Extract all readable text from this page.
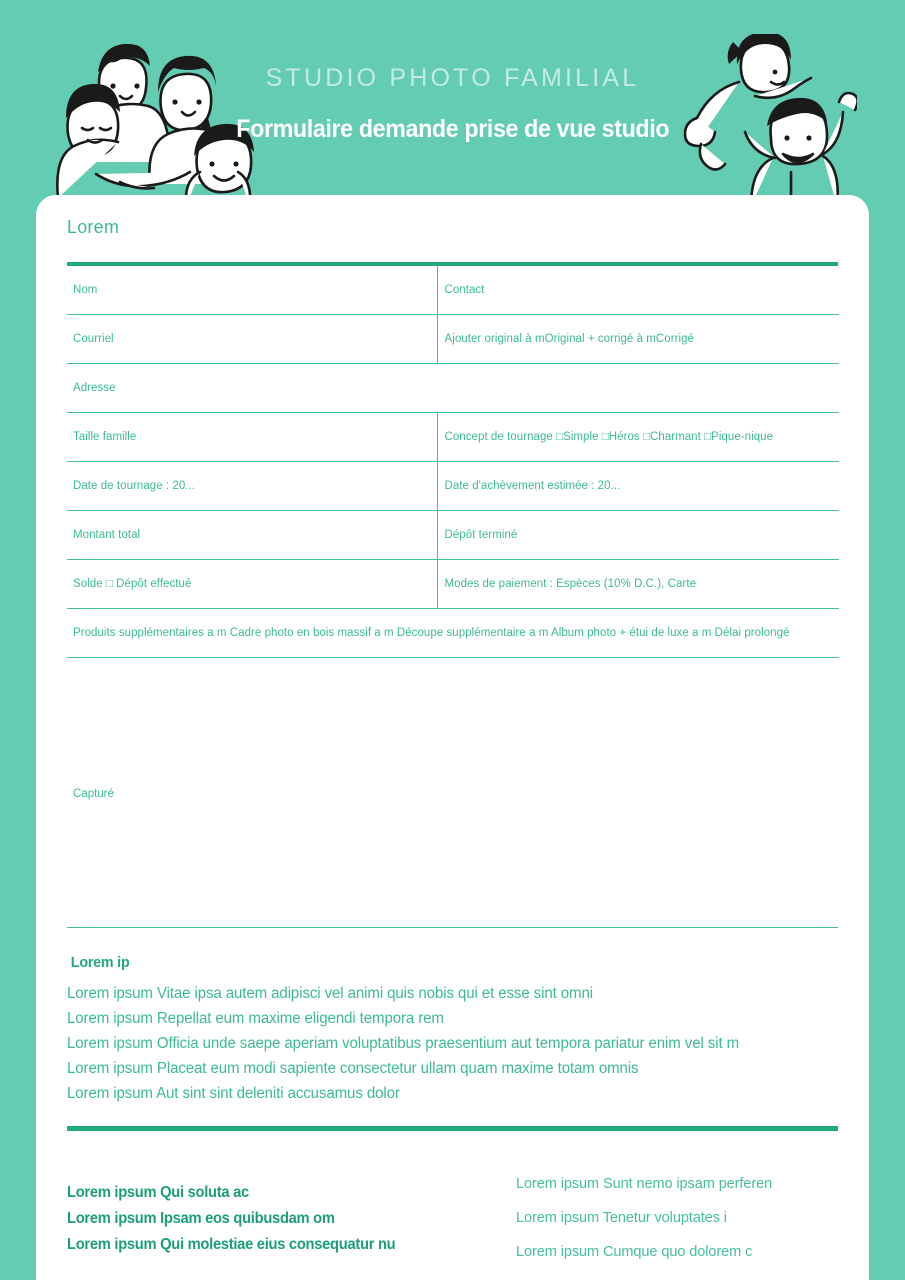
STUDIO PHOTO FAMILIAL
Formulaire demande prise de vue studio
Lorem
Nom	Contact
Courriel	Ajouter original à mOriginal + corrigé à mCorrigé
Adresse	
Taille famille	Concept de tournage □Simple □Héros □Charmant □Pique-nique
Date de tournage : 20...	Date d'achèvement estimée : 20...
Montant total	Dépôt terminé
Solde □ Dépôt effectué	Modes de paiement : Espèces (10% D.C.), Carte
Produits supplémentaires a m Cadre photo en bois massif a m Découpe supplémentaire a m Album photo + étui de luxe a m Délai prolongé	
Capturé
Lorem ip
Lorem ipsum Vitae ipsa autem adipisci vel animi quis nobis qui et esse sint omni
Lorem ipsum Repellat eum maxime eligendi tempora rem
Lorem ipsum Officia unde saepe aperiam voluptatibus praesentium aut tempora pariatur enim vel sit m
Lorem ipsum Placeat eum modi sapiente consectetur ullam quam maxime totam omnis
Lorem ipsum Aut sint sint deleniti accusamus dolor
Lorem ipsum Qui soluta ac
Lorem ipsum Ipsam eos quibusdam om
Lorem ipsum Qui molestiae eius consequatur nu
Lorem ipsum Sunt nemo ipsam perferen
Lorem ipsum Tenetur voluptates i
Lorem ipsum Cumque quo dolorem c
